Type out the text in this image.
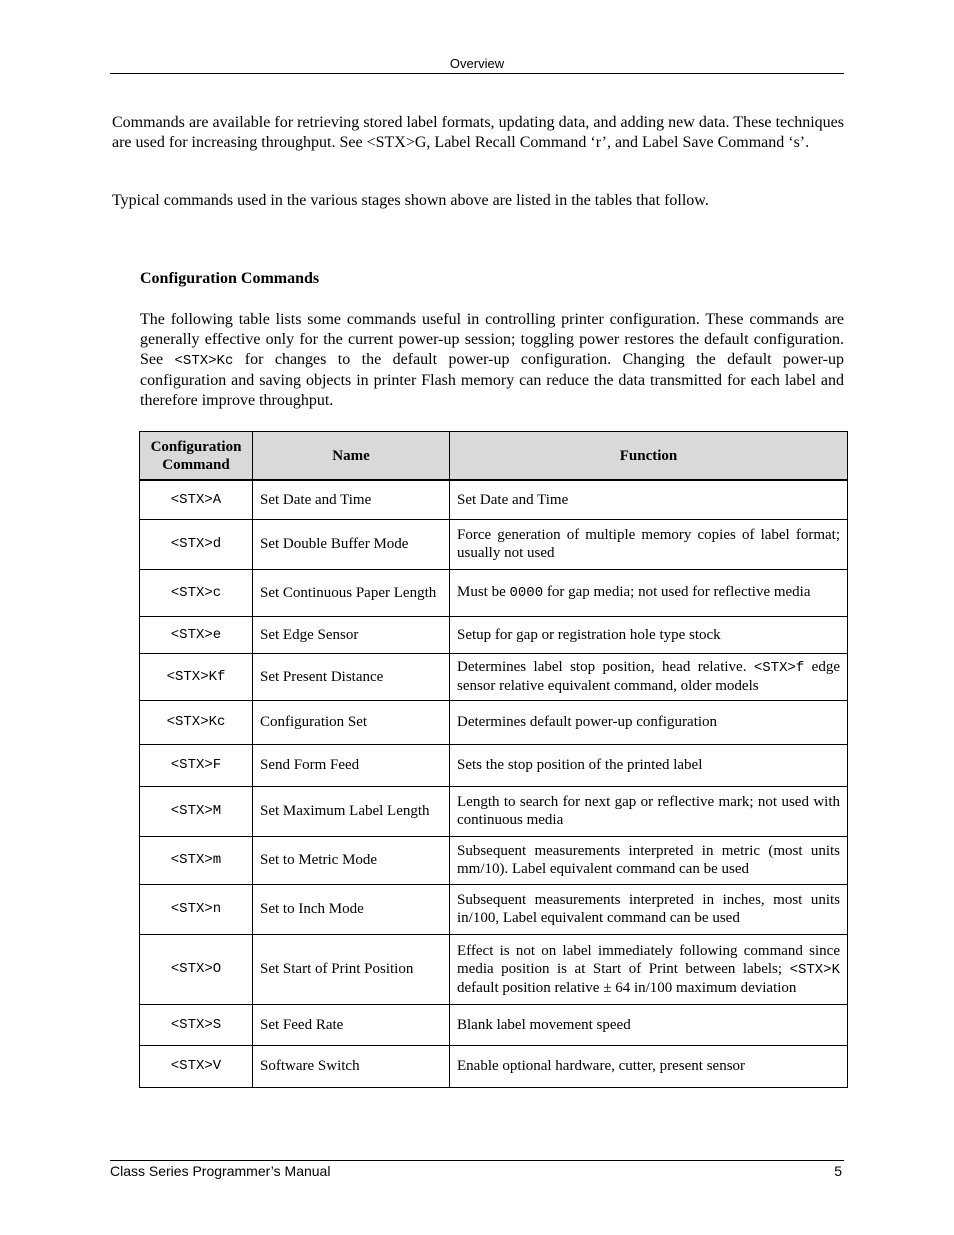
Overview

Commands are available for retrieving stored label formats, updating data, and adding new data. These techniques are used for increasing throughput. See <STX>G, Label Recall Command ‘r’, and Label Save Command ‘s’.

Typical commands used in the various stages shown above are listed in the tables that follow.

Configuration Commands

The following table lists some commands useful in controlling printer configuration. These commands are generally effective only for the current power-up session; toggling power restores the default configuration. See <STX>Kc for changes to the default power-up configuration. Changing the default power-up configuration and saving objects in printer Flash memory can reduce the data transmitted for each label and therefore improve throughput.

Configuration Command	Name	Function
<STX>A	Set Date and Time	Set Date and Time
<STX>d	Set Double Buffer Mode	Force generation of multiple memory copies of label format; usually not used
<STX>c	Set Continuous Paper Length	Must be 0000 for gap media; not used for reflective media
<STX>e	Set Edge Sensor	Setup for gap or registration hole type stock
<STX>Kf	Set Present Distance	Determines label stop position, head relative. <STX>f edge sensor relative equivalent command, older models
<STX>Kc	Configuration Set	Determines default power-up configuration
<STX>F	Send Form Feed	Sets the stop position of the printed label
<STX>M	Set Maximum Label Length	Length to search for next gap or reflective mark; not used with continuous media
<STX>m	Set to Metric Mode	Subsequent measurements interpreted in metric (most units mm/10). Label equivalent command can be used
<STX>n	Set to Inch Mode	Subsequent measurements interpreted in inches, most units in/100, Label equivalent command can be used
<STX>O	Set Start of Print Position	Effect is not on label immediately following command since media position is at Start of Print between labels; <STX>K default position relative ± 64 in/100 maximum deviation
<STX>S	Set Feed Rate	Blank label movement speed
<STX>V	Software Switch	Enable optional hardware, cutter, present sensor
Class Series Programmer’s Manual	5
